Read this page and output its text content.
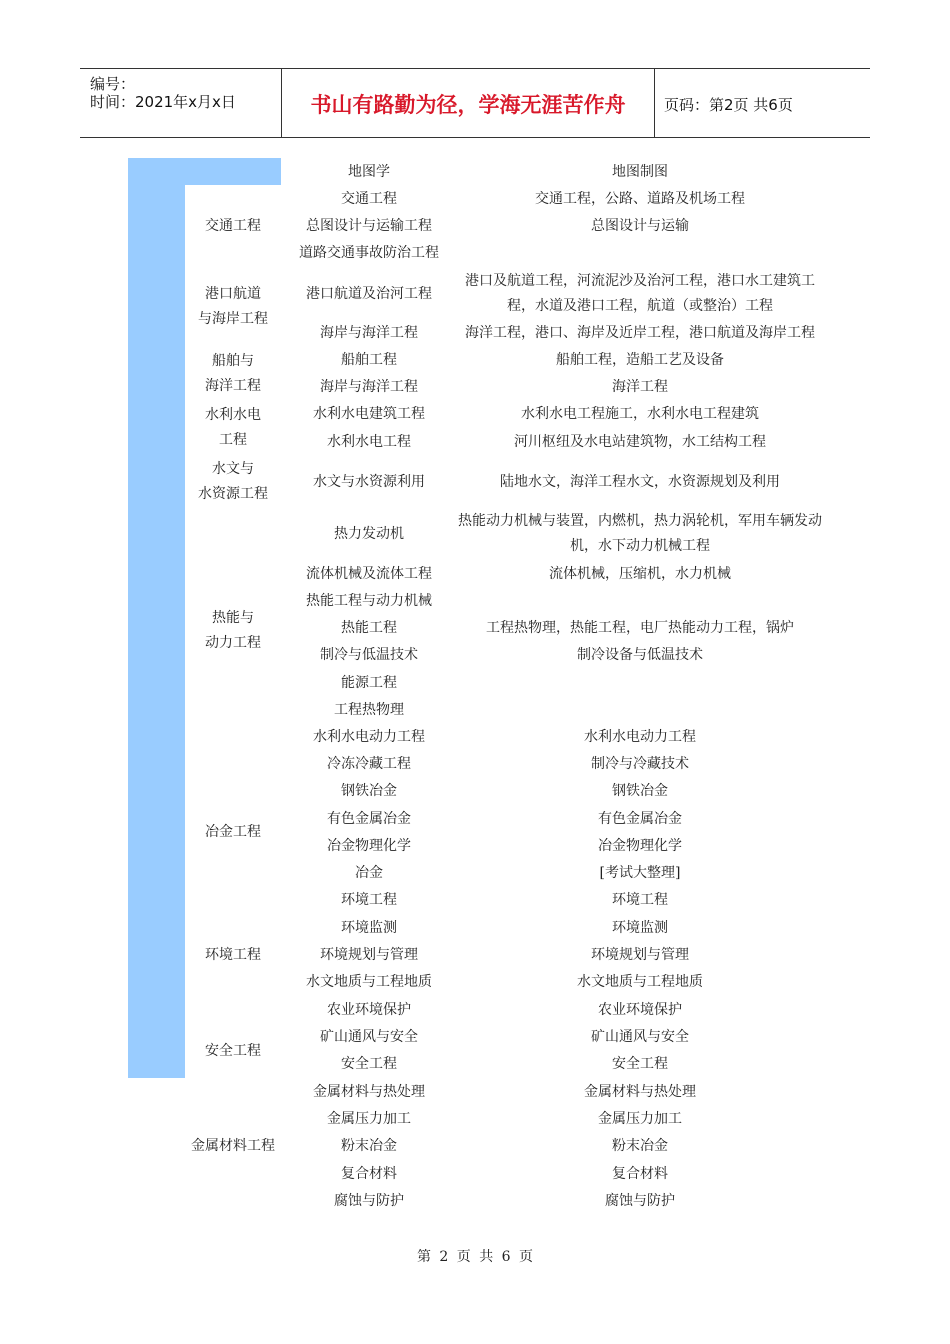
编号：
时间：2021年x月x日	书山有路勤为径，学海无涯苦作舟	页码：第2页 共6页
交通工程
港口航道
与海岸工程
船舶与
海洋工程
水利水电
工程
水文与
水资源工程
热能与
动力工程
冶金工程
环境工程
安全工程
金属材料工程
地图学
交通工程
总图设计与运输工程
道路交通事故防治工程
港口航道及治河工程
海岸与海洋工程
船舶工程
海岸与海洋工程
水利水电建筑工程
水利水电工程
水文与水资源利用
热力发动机
流体机械及流体工程
热能工程与动力机械
热能工程
制冷与低温技术
能源工程
工程热物理
水利水电动力工程
冷冻冷藏工程
钢铁冶金
有色金属冶金
冶金物理化学
冶金
环境工程
环境监测
环境规划与管理
水文地质与工程地质
农业环境保护
矿山通风与安全
安全工程
金属材料与热处理
金属压力加工
粉末冶金
复合材料
腐蚀与防护
地图制图
交通工程，公路、道路及机场工程
总图设计与运输
港口及航道工程，河流泥沙及治河工程，港口水工建筑工程，水道及港口工程，航道（或整治）工程
海洋工程，港口、海岸及近岸工程，港口航道及海岸工程
船舶工程，造船工艺及设备
海洋工程
水利水电工程施工，水利水电工程建筑
河川枢纽及水电站建筑物，水工结构工程
陆地水文，海洋工程水文，水资源规划及利用
热能动力机械与装置，内燃机，热力涡轮机，军用车辆发动机，水下动力机械工程
流体机械，压缩机，水力机械
工程热物理，热能工程，电厂热能动力工程，锅炉
制冷设备与低温技术
水利水电动力工程
制冷与冷藏技术
钢铁冶金
有色金属冶金
冶金物理化学
[考试大整理]
环境工程
环境监测
环境规划与管理
水文地质与工程地质
农业环境保护
矿山通风与安全
安全工程
金属材料与热处理
金属压力加工
粉末冶金
复合材料
腐蚀与防护
第 2 页 共 6 页
